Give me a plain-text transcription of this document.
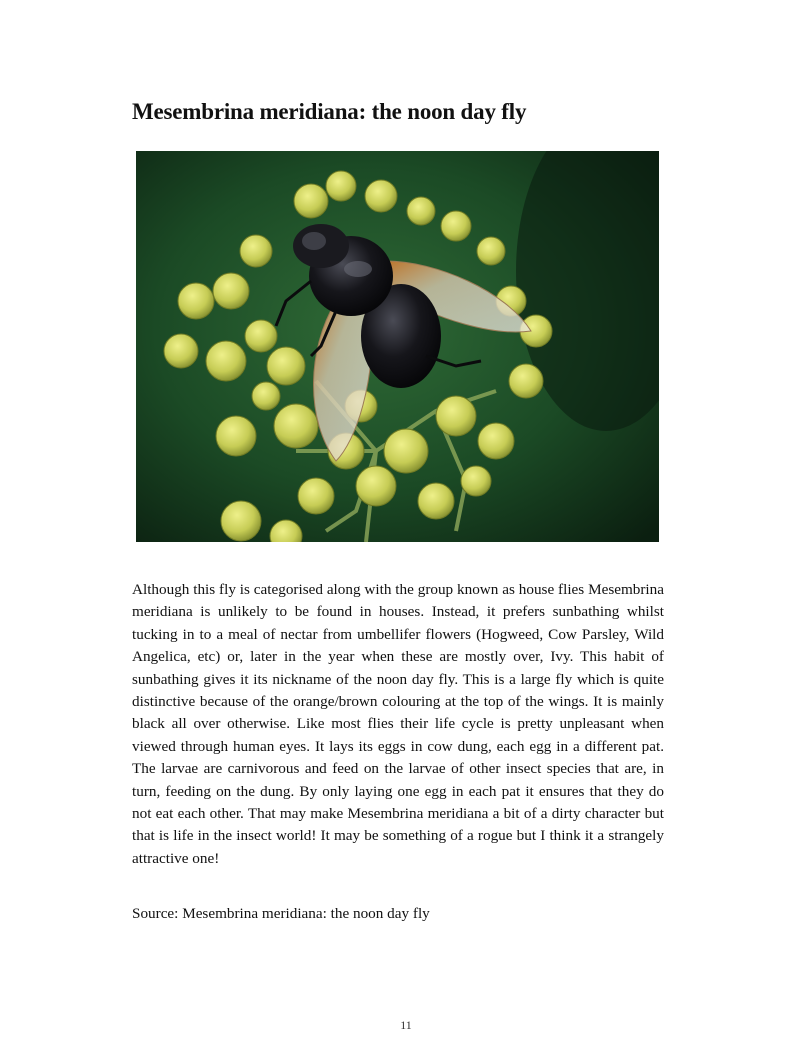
Mesembrina meridiana: the noon day fly

Although this fly is categorised along with the group known as house flies Mesembrina meridiana is unlikely to be found in houses. Instead, it prefers sunbathing whilst tucking in to a meal of nectar from umbellifer flowers (Hogweed, Cow Parsley, Wild Angelica, etc) or, later in the year when these are mostly over, Ivy. This habit of sunbathing gives it its nickname of the noon day fly. This is a large fly which is quite distinctive because of the orange/brown colouring at the top of the wings. It is mainly black all over otherwise. Like most flies their life cycle is pretty unpleasant when viewed through human eyes. It lays its eggs in cow dung, each egg in a different pat. The larvae are carnivorous and feed on the larvae of other insect species that are, in turn, feeding on the dung. By only laying one egg in each pat it ensures that they do not eat each other. That may make Mesembrina meridiana a bit of a dirty character but that is life in the insect world! It may be something of a rogue but I think it a strangely attractive one!

Source: Mesembrina meridiana: the noon day fly

11
